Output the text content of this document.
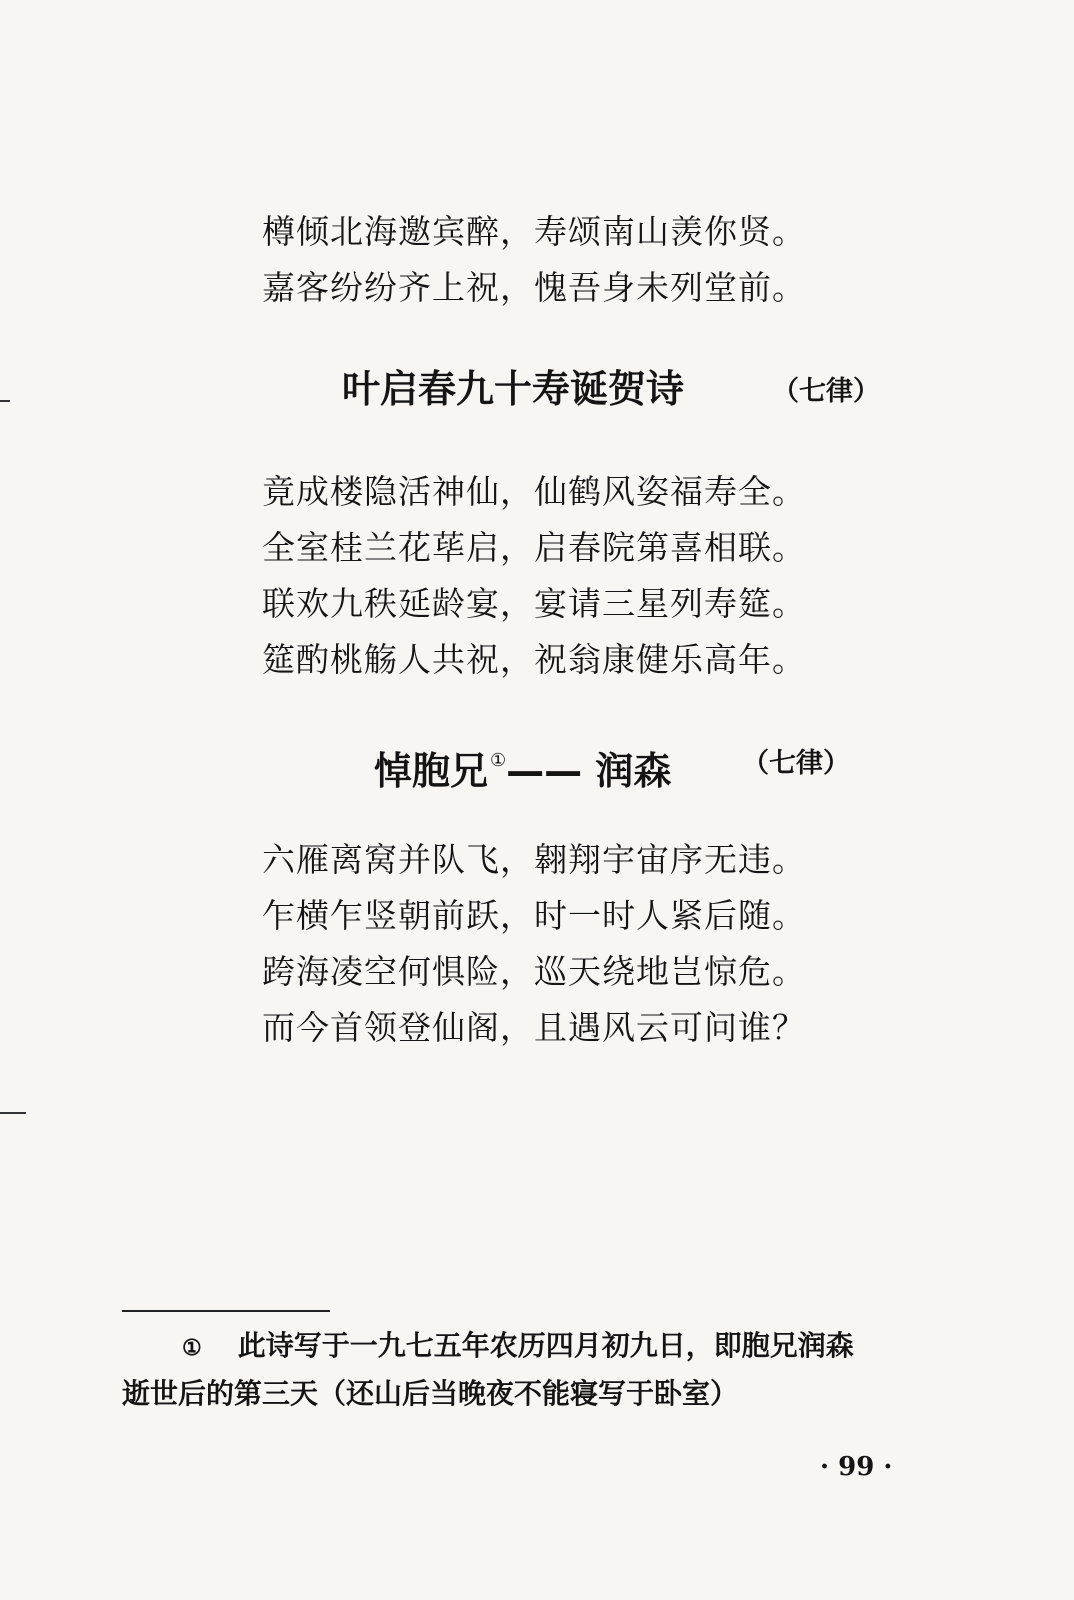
樽倾北海邀宾醉，寿颂南山羡你贤。
嘉客纷纷齐上祝，愧吾身未列堂前。
叶启春九十寿诞贺诗	（七律）
竟成楼隐活神仙，仙鹤风姿福寿全。
全室桂兰花荜启，启春院第喜相联。
联欢九秩延龄宴，宴请三星列寿筵。
筵酌桃觞人共祝，祝翁康健乐高年。
悼胞兄 ①—— 润森	（七律）
六雁离窝并队飞，翱翔宇宙序无违。
乍横乍竖朝前跃，时一时人紧后随。
跨海凌空何惧险，巡天绕地岂惊危。
而今首领登仙阁，且遇风云可问谁？
① 此诗写于一九七五年农历四月初九日，即胞兄润森
逝世后的第三天（还山后当晚夜不能寝写于卧室）
· 99 ·
